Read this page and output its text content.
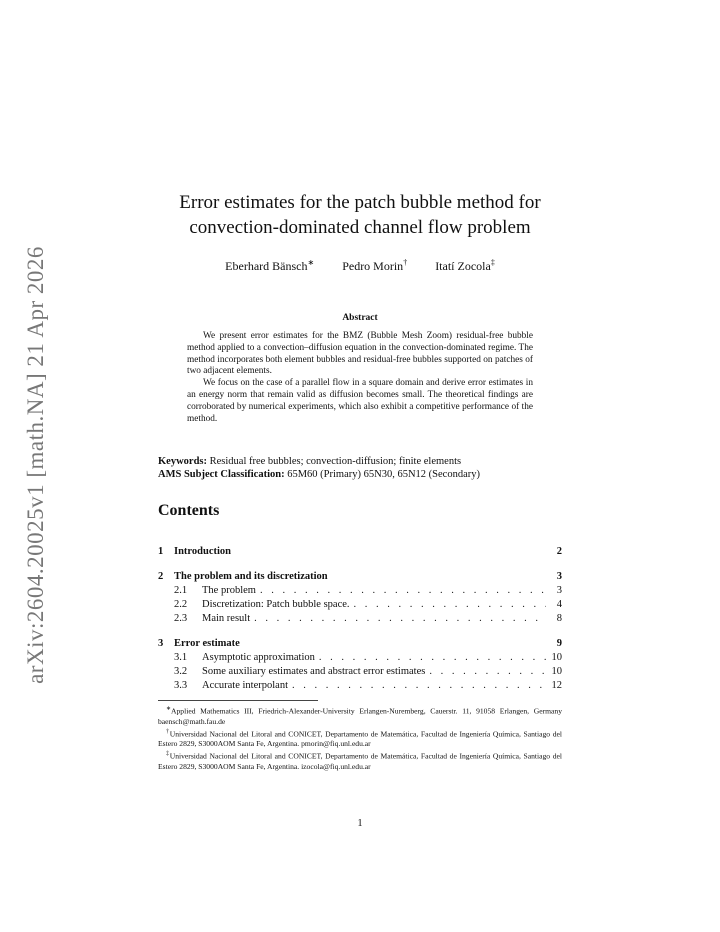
arXiv:2604.20025v1 [math.NA] 21 Apr 2026
Error estimates for the patch bubble method for convection-dominated channel flow problem
Eberhard Bänsch∗ Pedro Morin† Itatí Zocola‡
Abstract

We present error estimates for the BMZ (Bubble Mesh Zoom) residual-free bubble method applied to a convection–diffusion equation in the convection-dominated regime. The method incorporates both element bubbles and residual-free bubbles supported on patches of two adjacent elements.

We focus on the case of a parallel flow in a square domain and derive error estimates in an energy norm that remain valid as diffusion becomes small. The theoretical findings are corroborated by numerical experiments, which also exhibit a competitive performance of the method.

Keywords: Residual free bubbles; convection-diffusion; finite elements
AMS Subject Classification: 65M60 (Primary) 65N30, 65N12 (Secondary)
Contents
1	Introduction	2
2	The problem and its discretization	3
2.1	The problem . . .	3
2.2	Discretization: Patch bubble space. . . .	4
2.3	Main result . . .	8
3	Error estimate	9
3.1	Asymptotic approximation . . .	10
3.2	Some auxiliary estimates and abstract error estimates . . .	10
3.3	Accurate interpolant . . .	12

∗Applied Mathematics III, Friedrich-Alexander-University Erlangen-Nuremberg, Cauerstr. 11, 91058 Erlangen, Germany baensch@math.fau.de

†Universidad Nacional del Litoral and CONICET, Departamento de Matemática, Facultad de Ingeniería Química, Santiago del Estero 2829, S3000AOM Santa Fe, Argentina. pmorin@fiq.unl.edu.ar

‡Universidad Nacional del Litoral and CONICET, Departamento de Matemática, Facultad de Ingeniería Química, Santiago del Estero 2829, S3000AOM Santa Fe, Argentina. izocola@fiq.unl.edu.ar

1
